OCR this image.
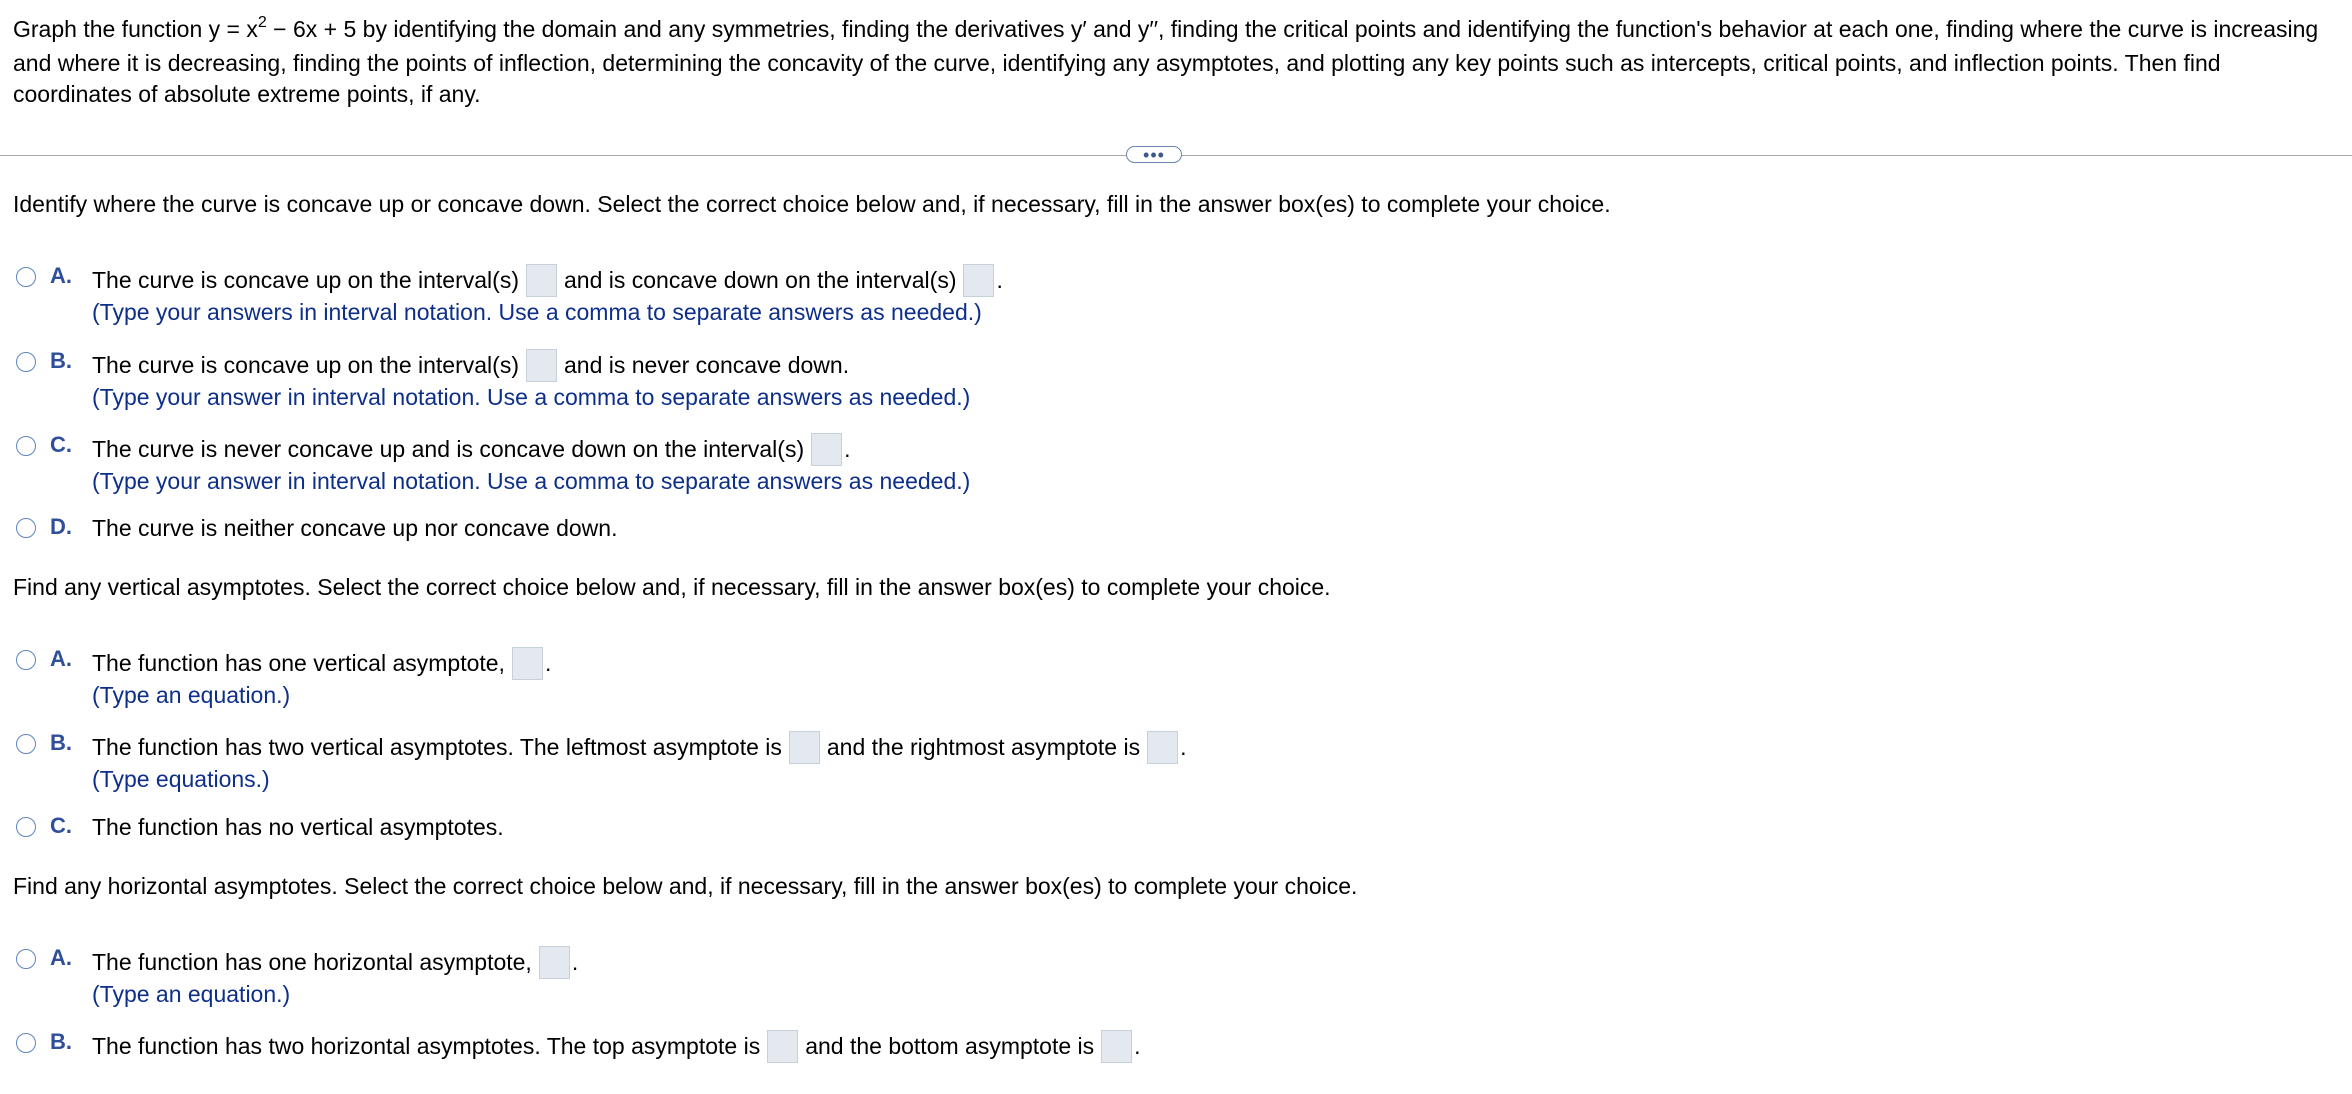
Graph the function $y = x^2 - 6x + 5$ by identifying the domain and any symmetries, finding the derivatives y′ and y′′, finding the critical points and identifying the function's behavior at each one, finding where the curve is increasing and where it is decreasing, finding the points of inflection, determining the concavity of the curve, identifying any asymptotes, and plotting any key points such as intercepts, critical points, and inflection points. Then find coordinates of absolute extreme points, if any.
•••
Identify where the curve is concave up or concave down. Select the correct choice below and, if necessary, fill in the answer box(es) to complete your choice.
A. The curve is concave up on the interval(s) and is concave down on the interval(s) .
(Type your answers in interval notation. Use a comma to separate answers as needed.)
B. The curve is concave up on the interval(s) and is never concave down.
(Type your answer in interval notation. Use a comma to separate answers as needed.)
C. The curve is never concave up and is concave down on the interval(s) .
(Type your answer in interval notation. Use a comma to separate answers as needed.)
D. The curve is neither concave up nor concave down.
Find any vertical asymptotes. Select the correct choice below and, if necessary, fill in the answer box(es) to complete your choice.
A. The function has one vertical asymptote, .
(Type an equation.)
B. The function has two vertical asymptotes. The leftmost asymptote is and the rightmost asymptote is .
(Type equations.)
C. The function has no vertical asymptotes.
Find any horizontal asymptotes. Select the correct choice below and, if necessary, fill in the answer box(es) to complete your choice.
A. The function has one horizontal asymptote, .
(Type an equation.)
B. The function has two horizontal asymptotes. The top asymptote is and the bottom asymptote is .
